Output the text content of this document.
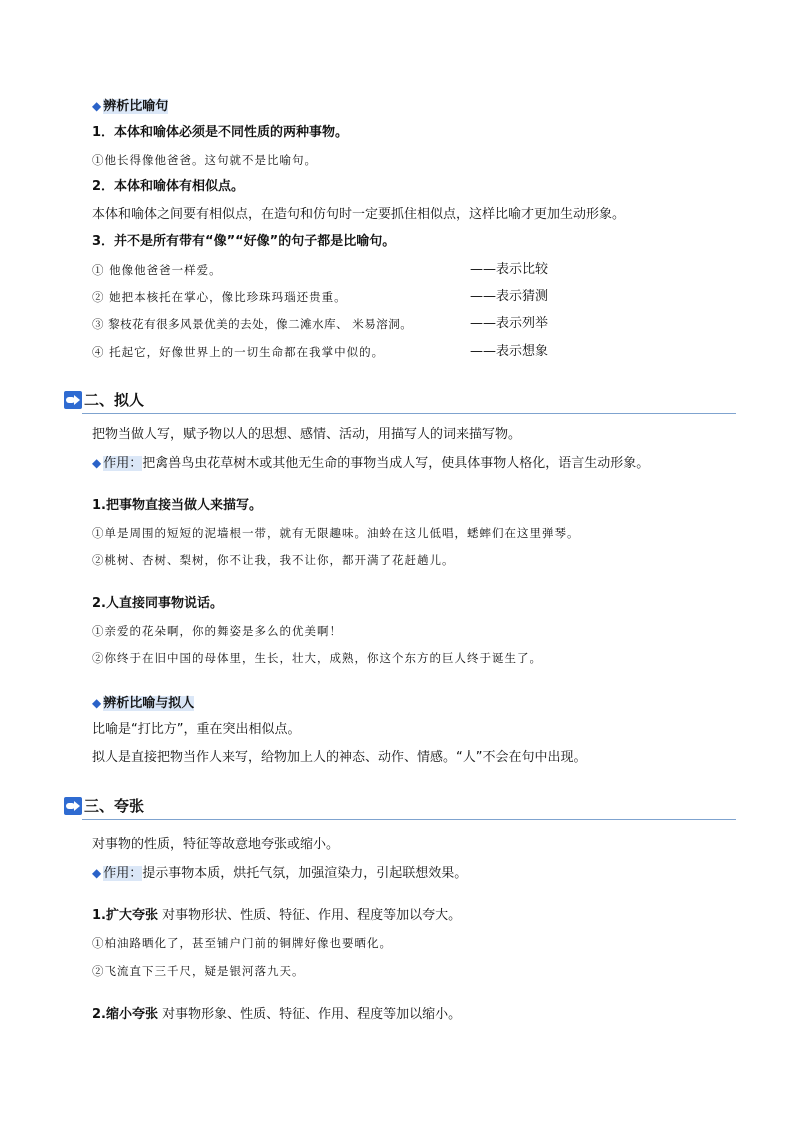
◆ 辨析比喻句
1．本体和喻体必须是不同性质的两种事物。
①他长得像他爸爸。这句就不是比喻句。
2．本体和喻体有相似点。
本体和喻体之间要有相似点，在造句和仿句时一定要抓住相似点，这样比喻才更加生动形象。
3．并不是所有带有“像”“好像”的句子都是比喻句。
① 他像他爸爸一样爱。	——表示比较
② 她把本核托在掌心，像比珍珠玛瑙还贵重。	——表示猜测
③ 黎枝花有很多风景优美的去处，像二滩水库、 米易溶洞。	——表示列举
④ 托起它，好像世界上的一切生命都在我掌中似的。	——表示想象
二、拟人
把物当做人写，赋予物以人的思想、感情、活动，用描写人的词来描写物。
◆ 作用：把禽兽鸟虫花草树木或其他无生命的事物当成人写，使具体事物人格化，语言生动形象。
1.把事物直接当做人来描写。
①单是周围的短短的泥墙根一带，就有无限趣味。油蛉在这儿低唱，蟋蟀们在这里弹琴。
②桃树、杏树、梨树，你不让我，我不让你，都开满了花赶趟儿。
2.人直接同事物说话。
①亲爱的花朵啊，你的舞姿是多么的优美啊！
②你终于在旧中国的母体里，生长，壮大，成熟，你这个东方的巨人终于诞生了。
◆ 辨析比喻与拟人
比喻是“打比方”，重在突出相似点。
拟人是直接把物当作人来写，给物加上人的神态、动作、情感。“人”不会在句中出现。
三、夸张
对事物的性质，特征等故意地夸张或缩小。
◆ 作用：提示事物本质，烘托气氛，加强渲染力，引起联想效果。
1.扩大夸张 对事物形状、性质、特征、作用、程度等加以夸大。
①柏油路晒化了，甚至铺户门前的铜牌好像也要晒化。
②飞流直下三千尺，疑是银河落九天。
2.缩小夸张 对事物形象、性质、特征、作用、程度等加以缩小。
